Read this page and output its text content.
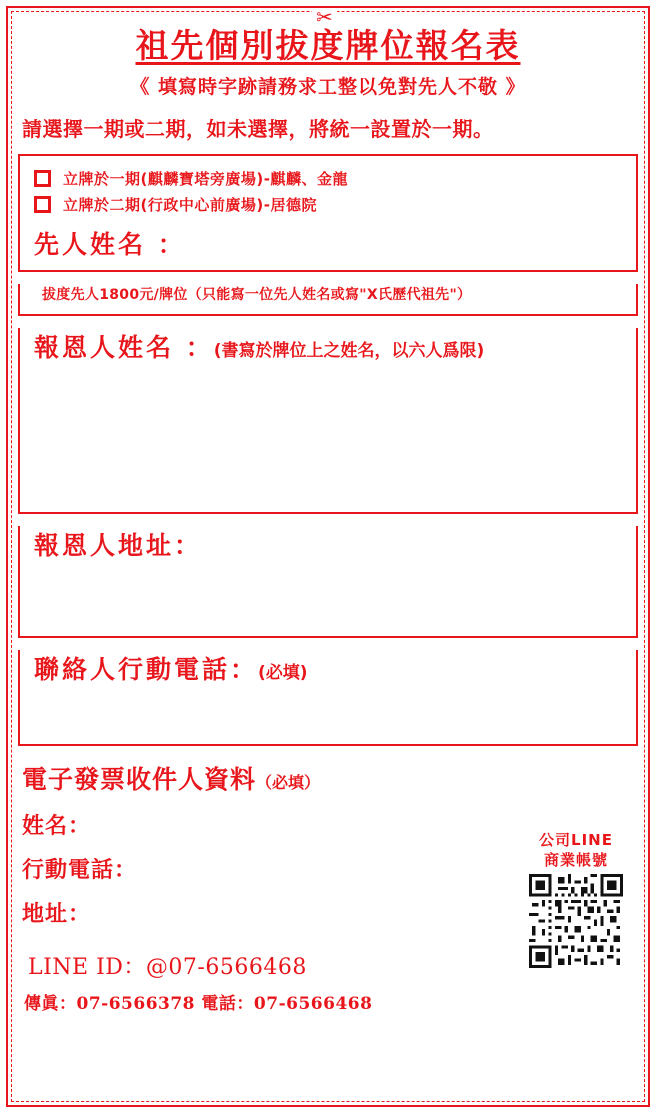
✂
祖先個別拔度牌位報名表
《 填寫時字跡請務求工整以免對先人不敬 》
請選擇一期或二期，如未選擇，將統一設置於一期。
立牌於一期(麒麟寶塔旁廣場)-麒麟、金龍
立牌於二期(行政中心前廣場)-居德院
先人姓名 ：
拔度先人1800元/牌位（只能寫一位先人姓名或寫"X氏歷代祖先"）
報恩人姓名 ：(書寫於牌位上之姓名，以六人爲限)
報恩人地址：
聯絡人行動電話：(必填)
電子發票收件人資料（必填）
姓名：
行動電話：
地址：
LINE ID：@07-6566468
傳眞：07-6566378 電話：07-6566468
公司LINE
商業帳號
